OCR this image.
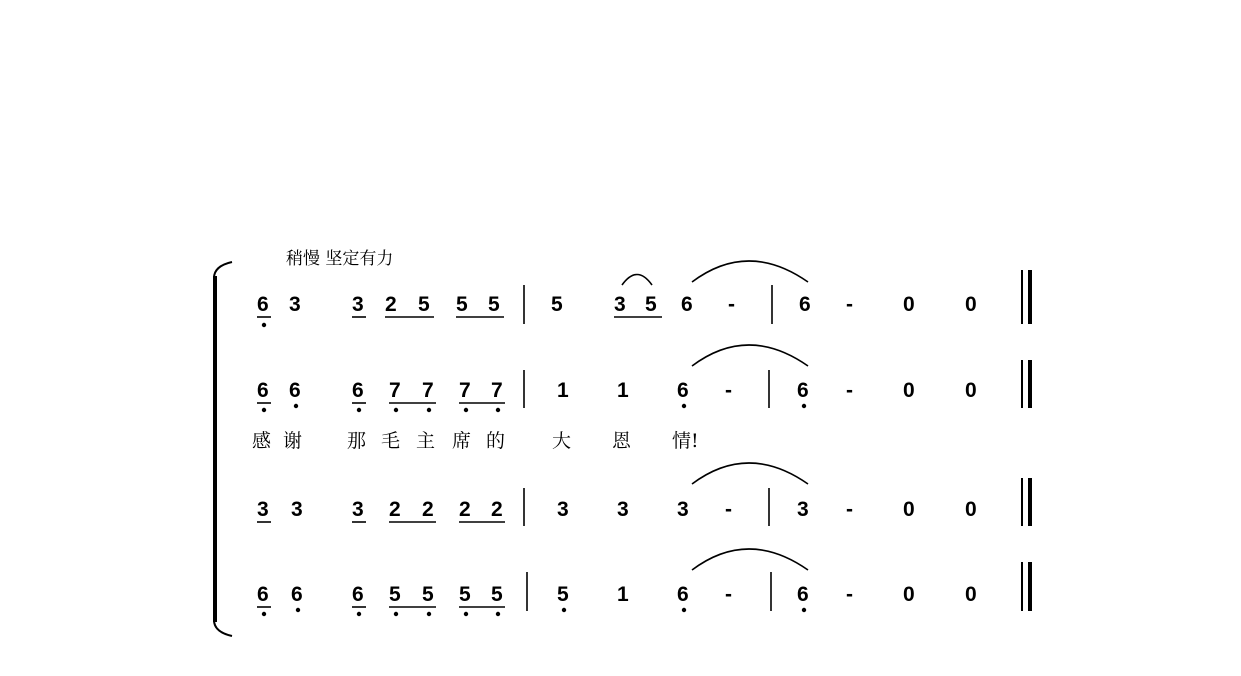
稍慢 坚定有力
6 3 3 2 5 5 5 5 3 5 6 -	6 - 0 0
6 6 6 7 7 7 7	1 1 6 -	6 - 0 0
感 谢 那 毛 主 席 的 大 恩 情!
3 3 3 2 2 2 2	3 3 3 -	3 - 0 0
6 6 6 5 5 5 5	5 1 6 -	6 - 0 0
